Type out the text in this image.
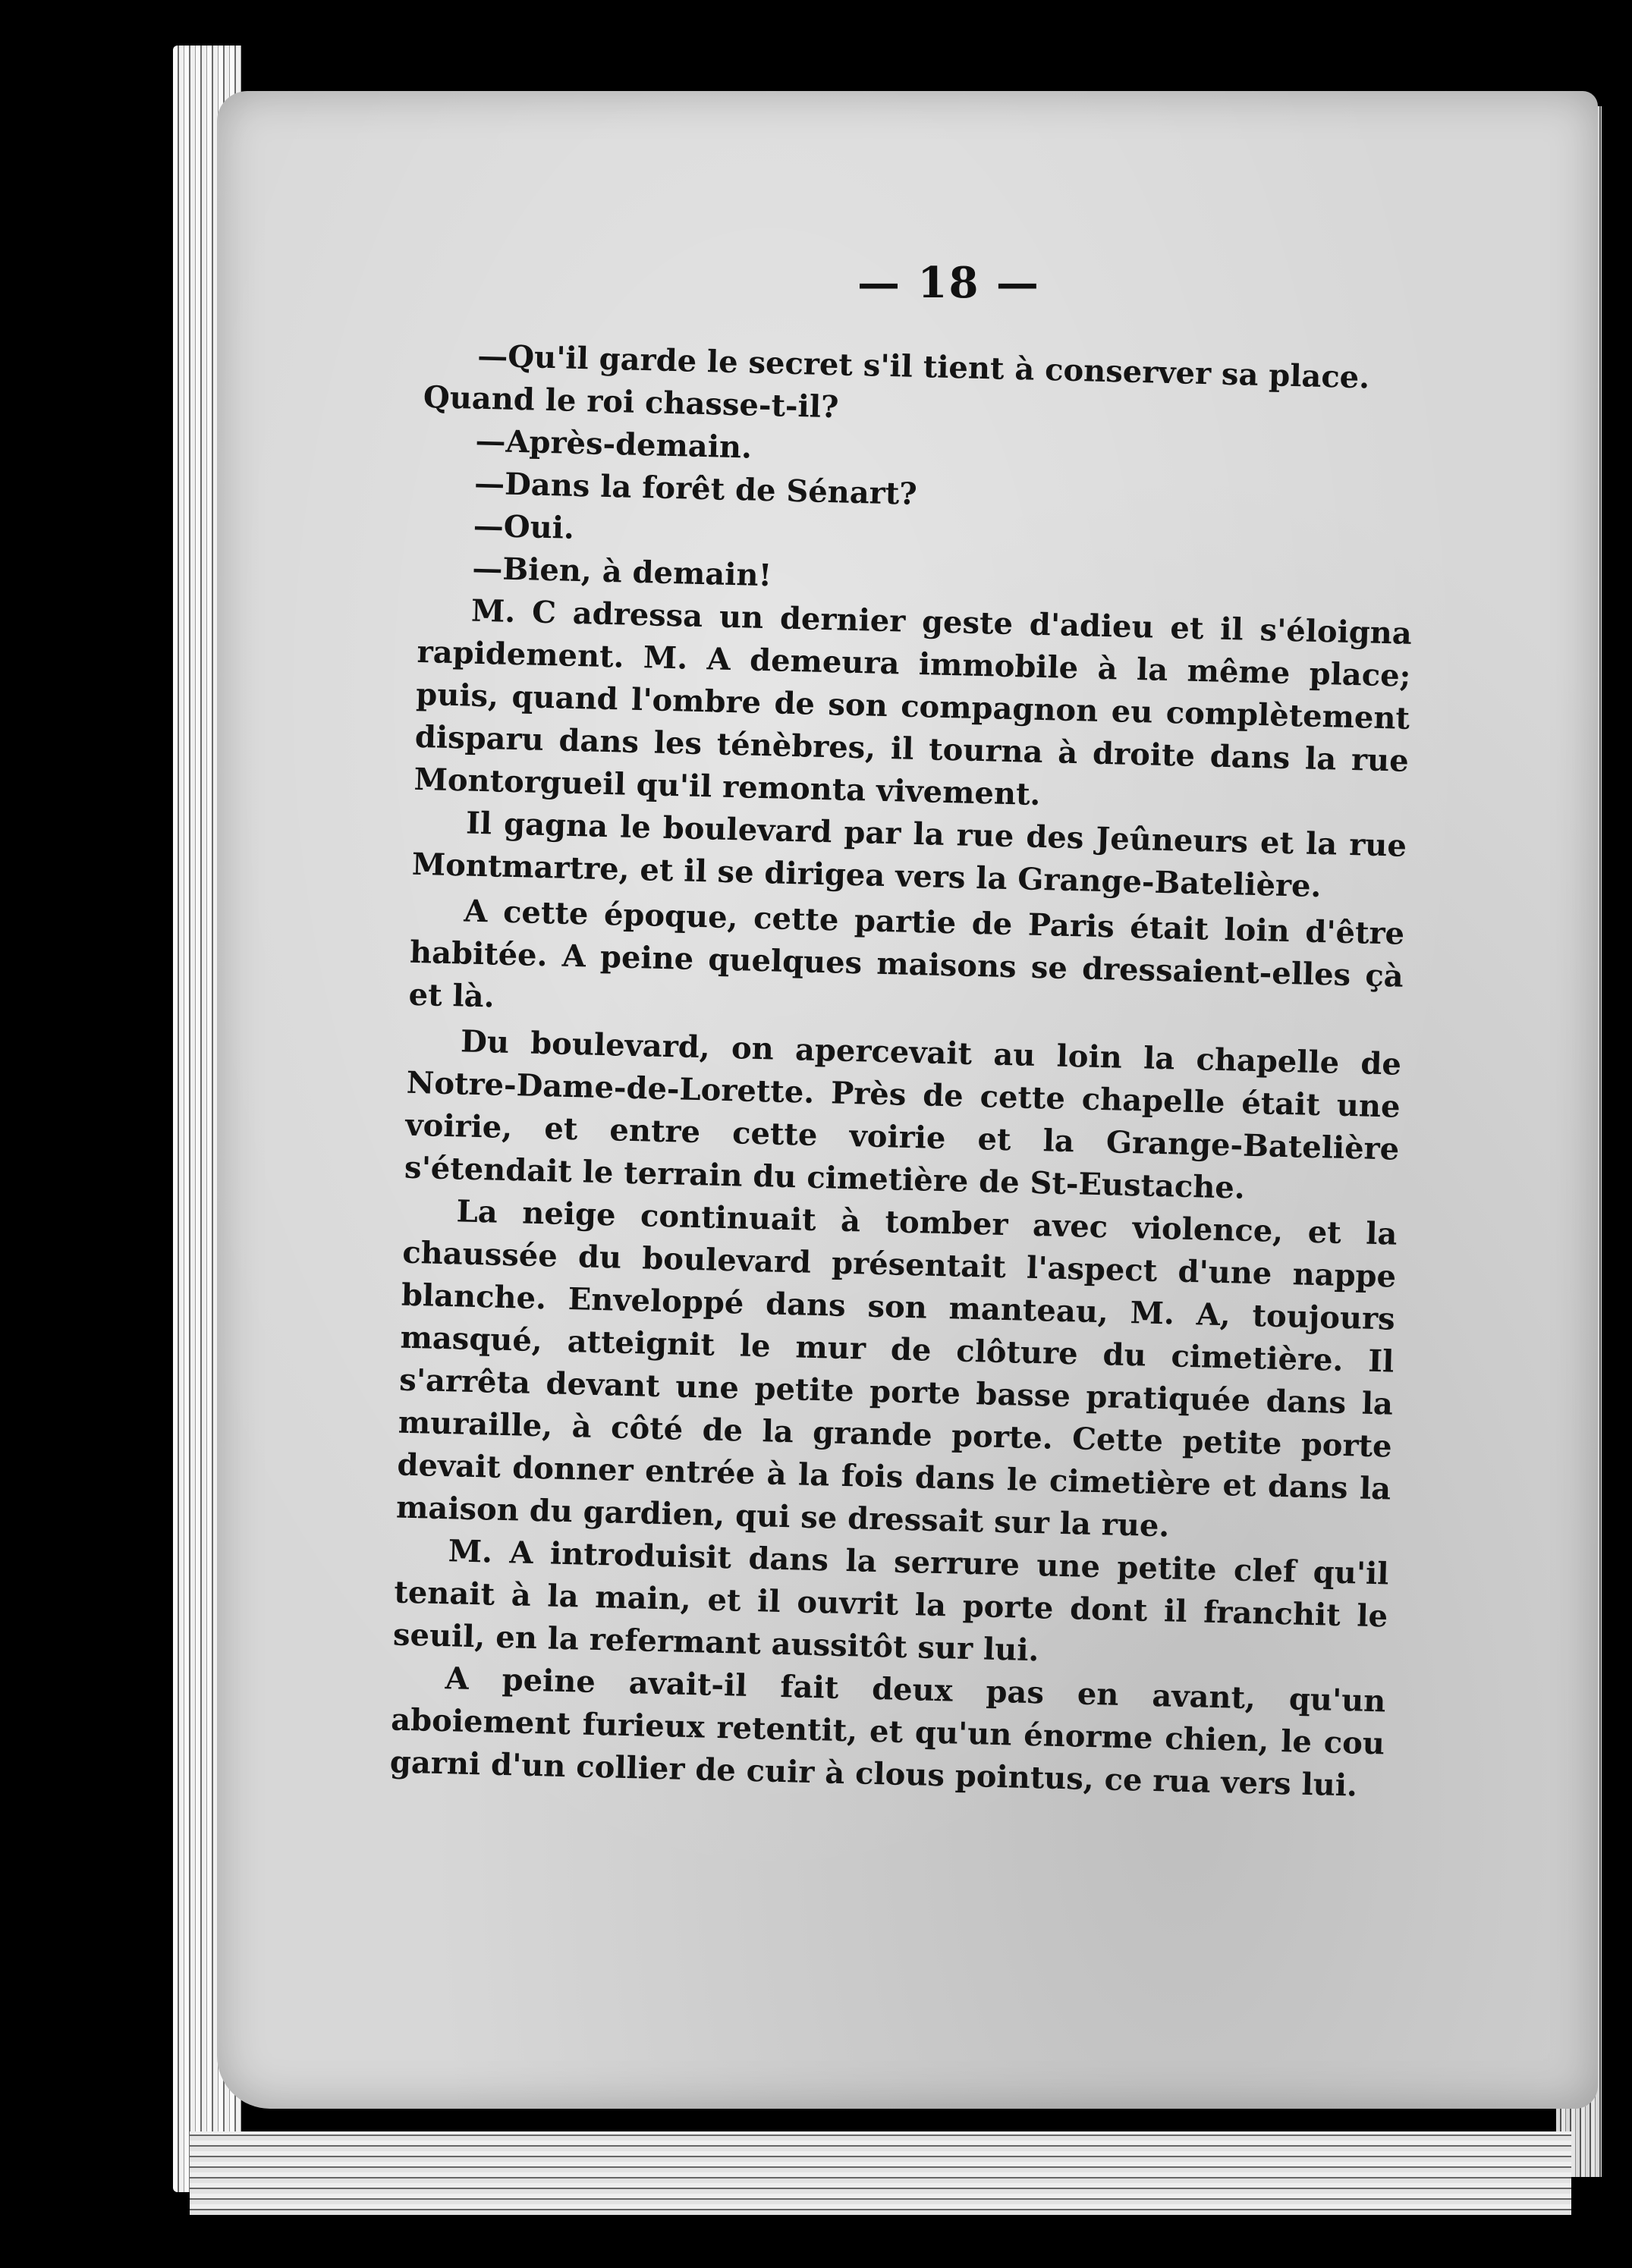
— 18 —

—Qu'il garde le secret s'il tient à conserver sa place. Quand le roi chasse-t-il?

—Après-demain.

—Dans la forêt de Sénart?

—Oui.

—Bien, à demain!

M. C adressa un dernier geste d'adieu et il s'éloigna rapidement. M. A demeura immobile à la même place; puis, quand l'ombre de son compagnon eu complètement disparu dans les ténèbres, il tourna à droite dans la rue Montorgueil qu'il remonta vivement.

Il gagna le boulevard par la rue des Jeûneurs et la rue Montmartre, et il se dirigea vers la Grange-Batelière.

A cette époque, cette partie de Paris était loin d'être habitée. A peine quelques maisons se dressaient-elles çà et là.

Du boulevard, on apercevait au loin la chapelle de Notre-Dame-de-Lorette. Près de cette chapelle était une voirie, et entre cette voirie et la Grange-Batelière s'étendait le terrain du cimetière de St-Eustache.

La neige continuait à tomber avec violence, et la chaussée du boulevard présentait l'aspect d'une nappe blanche. Enveloppé dans son manteau, M. A, toujours masqué, atteignit le mur de clôture du cimetière. Il s'arrêta devant une petite porte basse pratiquée dans la muraille, à côté de la grande porte. Cette petite porte devait donner entrée à la fois dans le cimetière et dans la maison du gardien, qui se dressait sur la rue.

M. A introduisit dans la serrure une petite clef qu'il tenait à la main, et il ouvrit la porte dont il franchit le seuil, en la refermant aussitôt sur lui.

A peine avait-il fait deux pas en avant, qu'un aboiement furieux retentit, et qu'un énorme chien, le cou garni d'un collier de cuir à clous pointus, ce rua vers lui.
